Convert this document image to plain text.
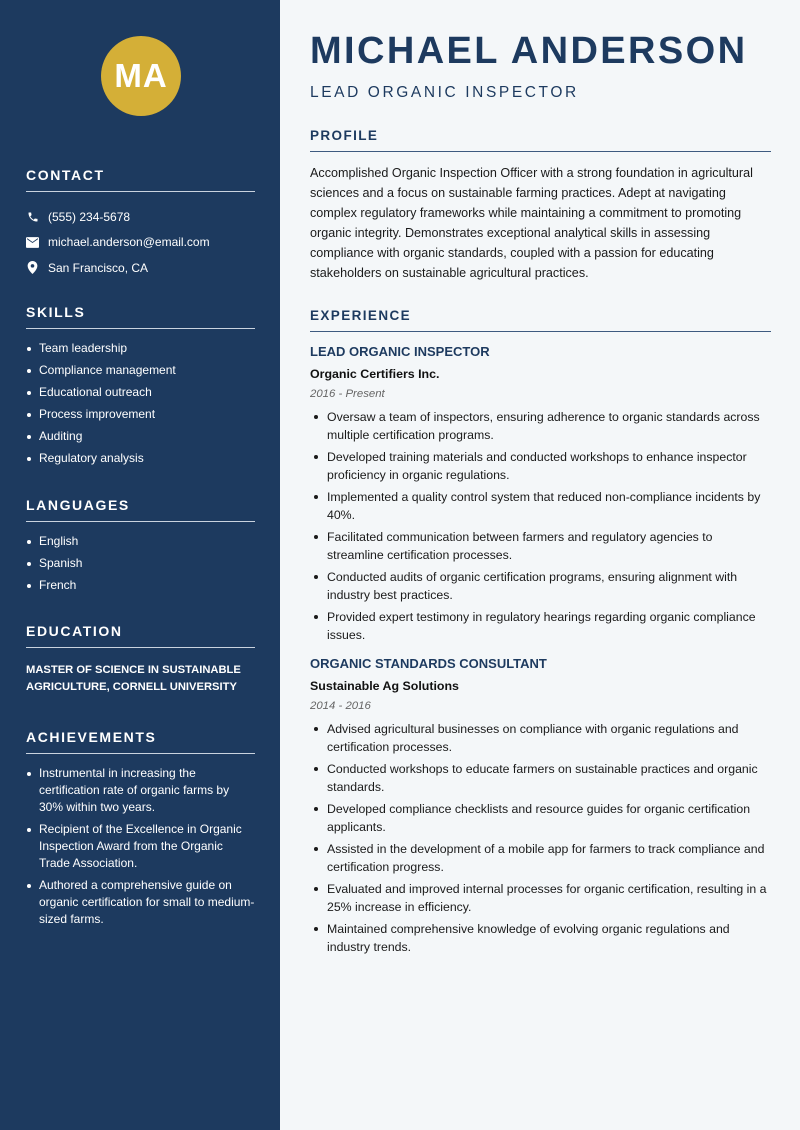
MA
CONTACT
(555) 234-5678
michael.anderson@email.com
San Francisco, CA
SKILLS
Team leadership
Compliance management
Educational outreach
Process improvement
Auditing
Regulatory analysis
LANGUAGES
English
Spanish
French
EDUCATION

MASTER OF SCIENCE IN SUSTAINABLE AGRICULTURE, CORNELL UNIVERSITY

ACHIEVEMENTS
Instrumental in increasing the certification rate of organic farms by 30% within two years.
Recipient of the Excellence in Organic Inspection Award from the Organic Trade Association.
Authored a comprehensive guide on organic certification for small to medium-sized farms.
MICHAEL ANDERSON
LEAD ORGANIC INSPECTOR
PROFILE

Accomplished Organic Inspection Officer with a strong foundation in agricultural sciences and a focus on sustainable farming practices. Adept at navigating complex regulatory frameworks while maintaining a commitment to promoting organic integrity. Demonstrates exceptional analytical skills in assessing compliance with organic standards, coupled with a passion for educating stakeholders on sustainable agricultural practices.

EXPERIENCE
LEAD ORGANIC INSPECTOR
Organic Certifiers Inc.
2016 - Present
Oversaw a team of inspectors, ensuring adherence to organic standards across multiple certification programs.
Developed training materials and conducted workshops to enhance inspector proficiency in organic regulations.
Implemented a quality control system that reduced non-compliance incidents by 40%.
Facilitated communication between farmers and regulatory agencies to streamline certification processes.
Conducted audits of organic certification programs, ensuring alignment with industry best practices.
Provided expert testimony in regulatory hearings regarding organic compliance issues.
ORGANIC STANDARDS CONSULTANT
Sustainable Ag Solutions
2014 - 2016
Advised agricultural businesses on compliance with organic regulations and certification processes.
Conducted workshops to educate farmers on sustainable practices and organic standards.
Developed compliance checklists and resource guides for organic certification applicants.
Assisted in the development of a mobile app for farmers to track compliance and certification progress.
Evaluated and improved internal processes for organic certification, resulting in a 25% increase in efficiency.
Maintained comprehensive knowledge of evolving organic regulations and industry trends.
